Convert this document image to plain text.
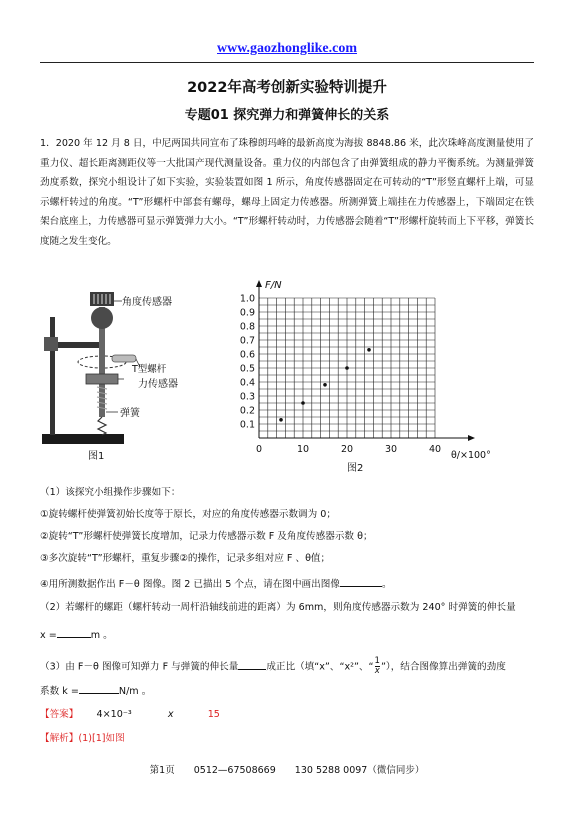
www.gaozhonglike.com
2022年高考创新实验特训提升
专题01 探究弹力和弹簧伸长的关系
1．2020 年 12 月 8 日，中尼两国共同宣布了珠穆朗玛峰的最新高度为海拔 8848.86 米，此次珠峰高度测量使用了重力仪、超长距离测距仪等一大批国产现代测量设备。重力仪的内部包含了由弹簧组成的静力平衡系统。为测量弹簧劲度系数，探究小组设计了如下实验，实验装置如图 1 所示，角度传感器固定在可转动的“T”形竖直螺杆上端，可显示螺杆转过的角度。“T”形螺杆中部套有螺母，螺母上固定力传感器。所测弹簧上端挂在力传感器上，下端固定在铁架台底座上，力传感器可显示弹簧弹力大小。“T”形螺杆转动时，力传感器会随着“T”形螺杆旋转而上下平移，弹簧长度随之发生变化。
角度传感器
T型螺杆
力传感器
弹簧
图1
0.1
0.2
0.3
0.4
0.5
0.6
0.7
0.8
0.9
1.0
0	10	20	30	40
F/N
θ/×100°
图2
（1）该探究小组操作步骤如下：
①旋转螺杆使弹簧初始长度等于原长，对应的角度传感器示数调为 0；
②旋转“T”形螺杆使弹簧长度增加，记录力传感器示数 F 及角度传感器示数 θ；
③多次旋转“T”形螺杆，重复步骤②的操作，记录多组对应 F 、θ值；
④用所测数据作出 F－θ 图像。图 2 已描出 5 个点，请在图中画出图像	。
（2）若螺杆的螺距（螺杆转动一周杆沿轴线前进的距离）为 6mm，则角度传感器示数为 240° 时弹簧的伸长量
x =	m 。
（3）由 F－θ 图像可知弹力 F 与弹簧的伸长量	成正比（填“x”、“x²”、“ $\frac{1}{x}$ ”），结合图像算出弹簧的劲度
系数 k =	N/m 。
【答案】 4×10⁻³	x	15
【解析】(1)[1]如图
第1页 0512—67508669 130 5288 0097（微信同步）
